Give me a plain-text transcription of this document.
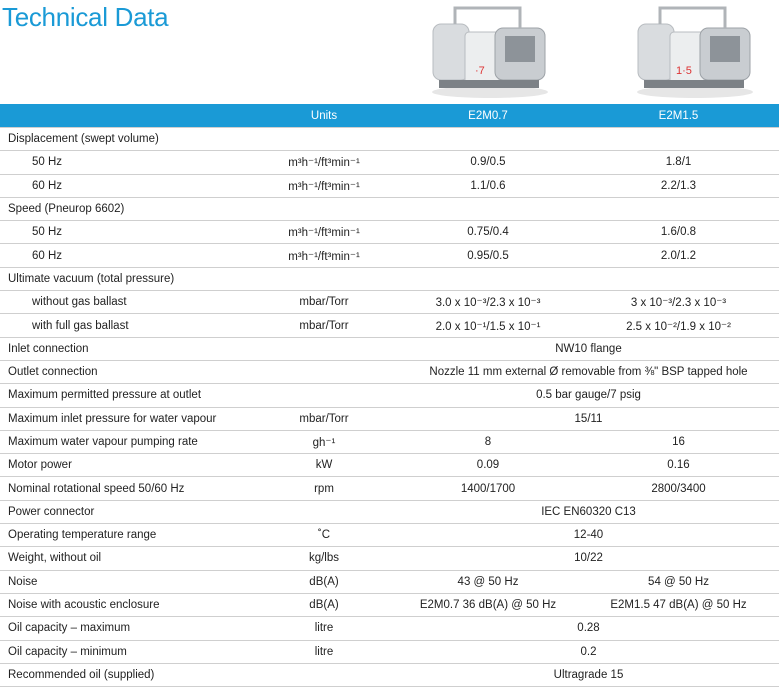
Technical Data
·7	1·5
	Units	E2M0.7	E2M1.5
Displacement (swept volume)			
50 Hz	m³h⁻¹/ft³min⁻¹	0.9/0.5	1.8/1
60 Hz	m³h⁻¹/ft³min⁻¹	1.1/0.6	2.2/1.3
Speed (Pneurop 6602)			
50 Hz	m³h⁻¹/ft³min⁻¹	0.75/0.4	1.6/0.8
60 Hz	m³h⁻¹/ft³min⁻¹	0.95/0.5	2.0/1.2
Ultimate vacuum (total pressure)			
without gas ballast	mbar/Torr	3.0 x 10⁻³/2.3 x 10⁻³	3 x 10⁻³/2.3 x 10⁻³
with full gas ballast	mbar/Torr	2.0 x 10⁻¹/1.5 x 10⁻¹	2.5 x 10⁻²/1.9 x 10⁻²
Inlet connection		NW10 flange	
Outlet connection		Nozzle 11 mm external Ø removable from ⅜" BSP tapped hole	
Maximum permitted pressure at outlet		0.5 bar gauge/7 psig	
Maximum inlet pressure for water vapour	mbar/Torr	15/11	
Maximum water vapour pumping rate	gh⁻¹	8	16
Motor power	kW	0.09	0.16
Nominal rotational speed 50/60 Hz	rpm	1400/1700	2800/3400
Power connector		IEC EN60320 C13	
Operating temperature range	˚C	12-40	
Weight, without oil	kg/lbs	10/22	
Noise	dB(A)	43 @ 50 Hz	54 @ 50 Hz
Noise with acoustic enclosure	dB(A)	E2M0.7 36 dB(A) @ 50 Hz	E2M1.5 47 dB(A) @ 50 Hz
Oil capacity – maximum	litre	0.28	
Oil capacity – minimum	litre	0.2	
Recommended oil (supplied)		Ultragrade 15	
